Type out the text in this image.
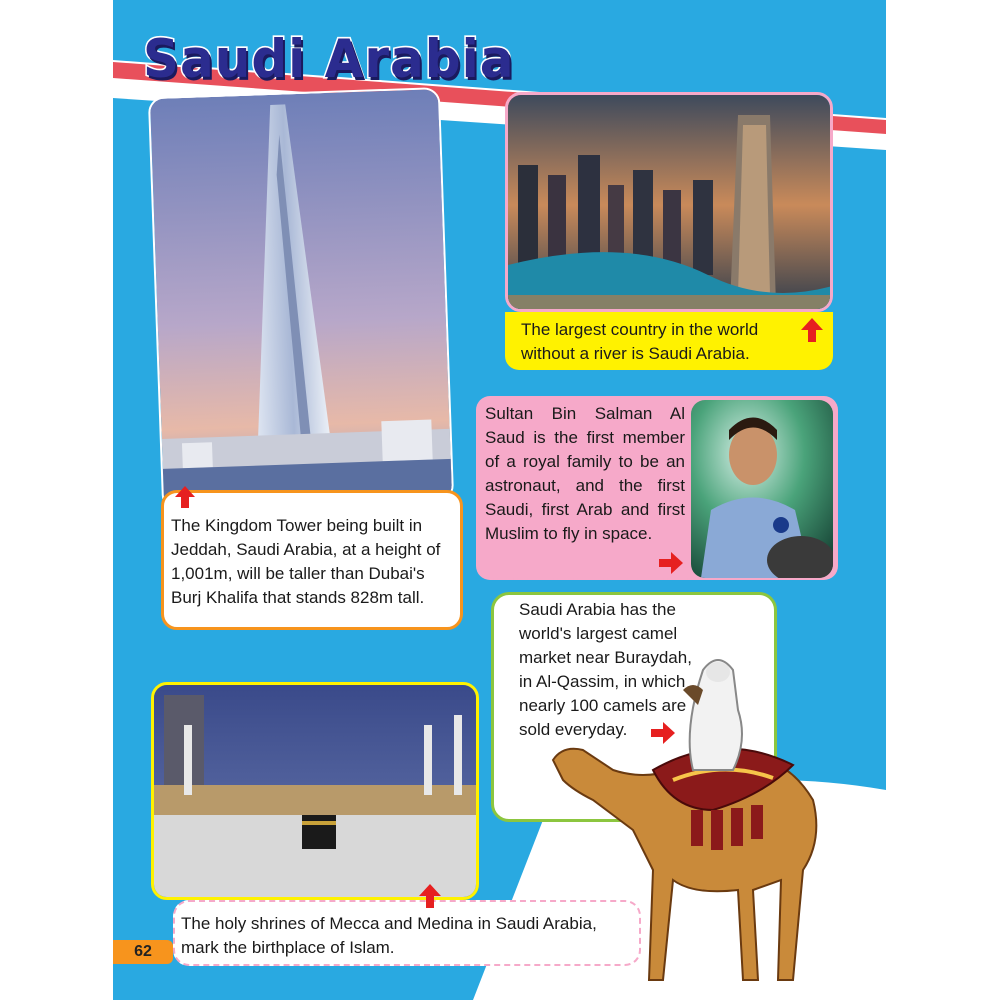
Saudi Arabia
The largest country in the world without a river is Saudi Arabia.
Sultan Bin Salman Al Saud is the first member of a royal family to be an astronaut, and the first Saudi, first Arab and first Muslim to fly in space.
The Kingdom Tower being built in Jeddah, Saudi Arabia, at a height of 1,001m, will be taller than Dubai's Burj Khalifa that stands 828m tall.
Saudi Arabia has the world's largest camel market near Buraydah, in Al-Qassim, in which nearly 100 camels are sold everyday.
The holy shrines of Mecca and Medina in Saudi Arabia, mark the birthplace of Islam.
62
